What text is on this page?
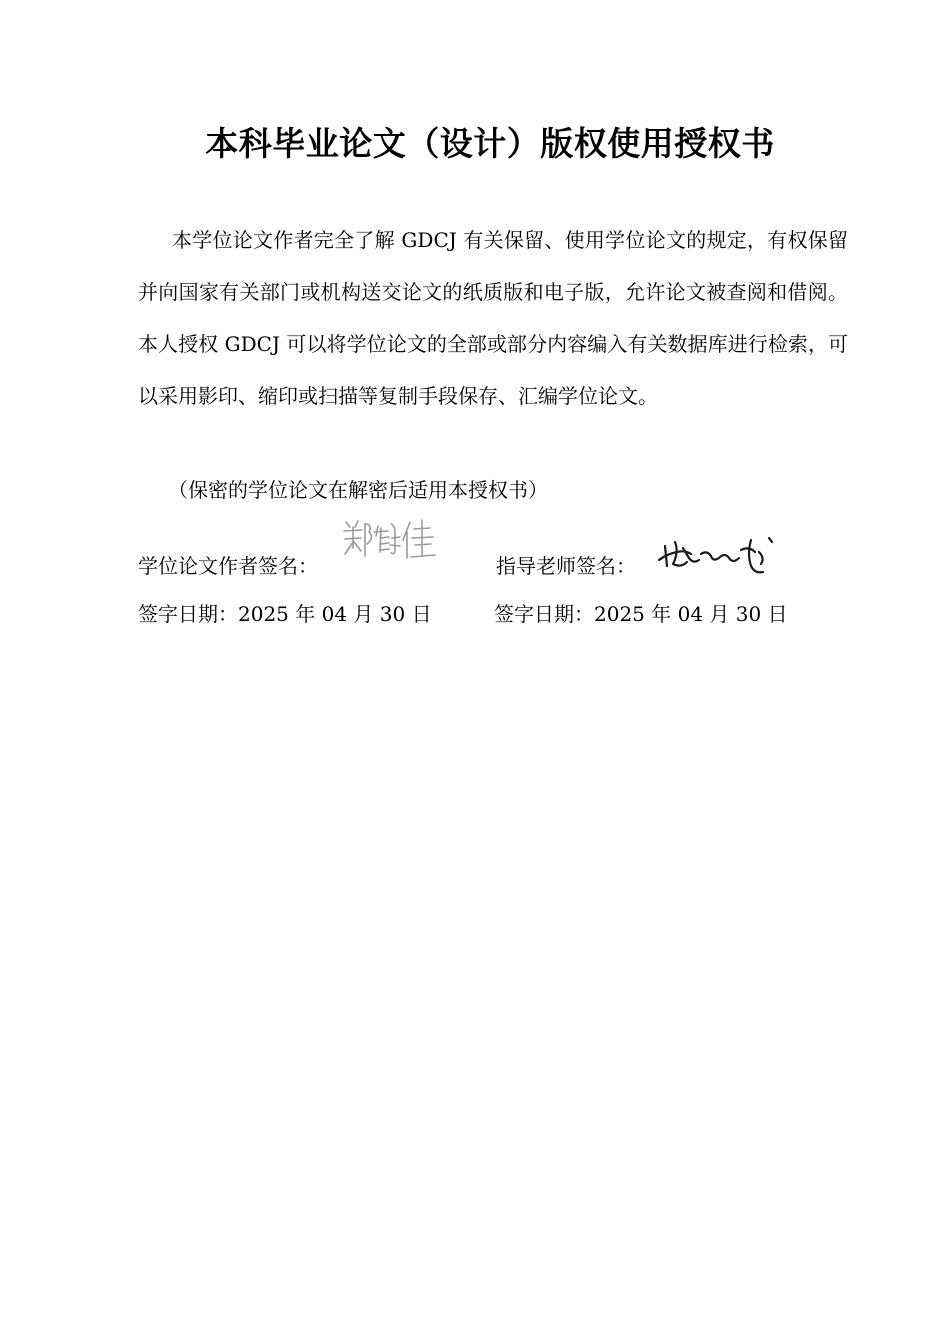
本科毕业论文（设计）版权使用授权书

本学位论文作者完全了解 GDCJ 有关保留、使用学位论文的规定，有权保留并向国家有关部门或机构送交论文的纸质版和电子版，允许论文被查阅和借阅。本人授权 GDCJ 可以将学位论文的全部或部分内容编入有关数据库进行检索，可以采用影印、缩印或扫描等复制手段保存、汇编学位论文。

（保密的学位论文在解密后适用本授权书）
学位论文作者签名：	指导老师签名：
签字日期：2025 年 04 月 30 日	签字日期：2025 年 04 月 30 日
